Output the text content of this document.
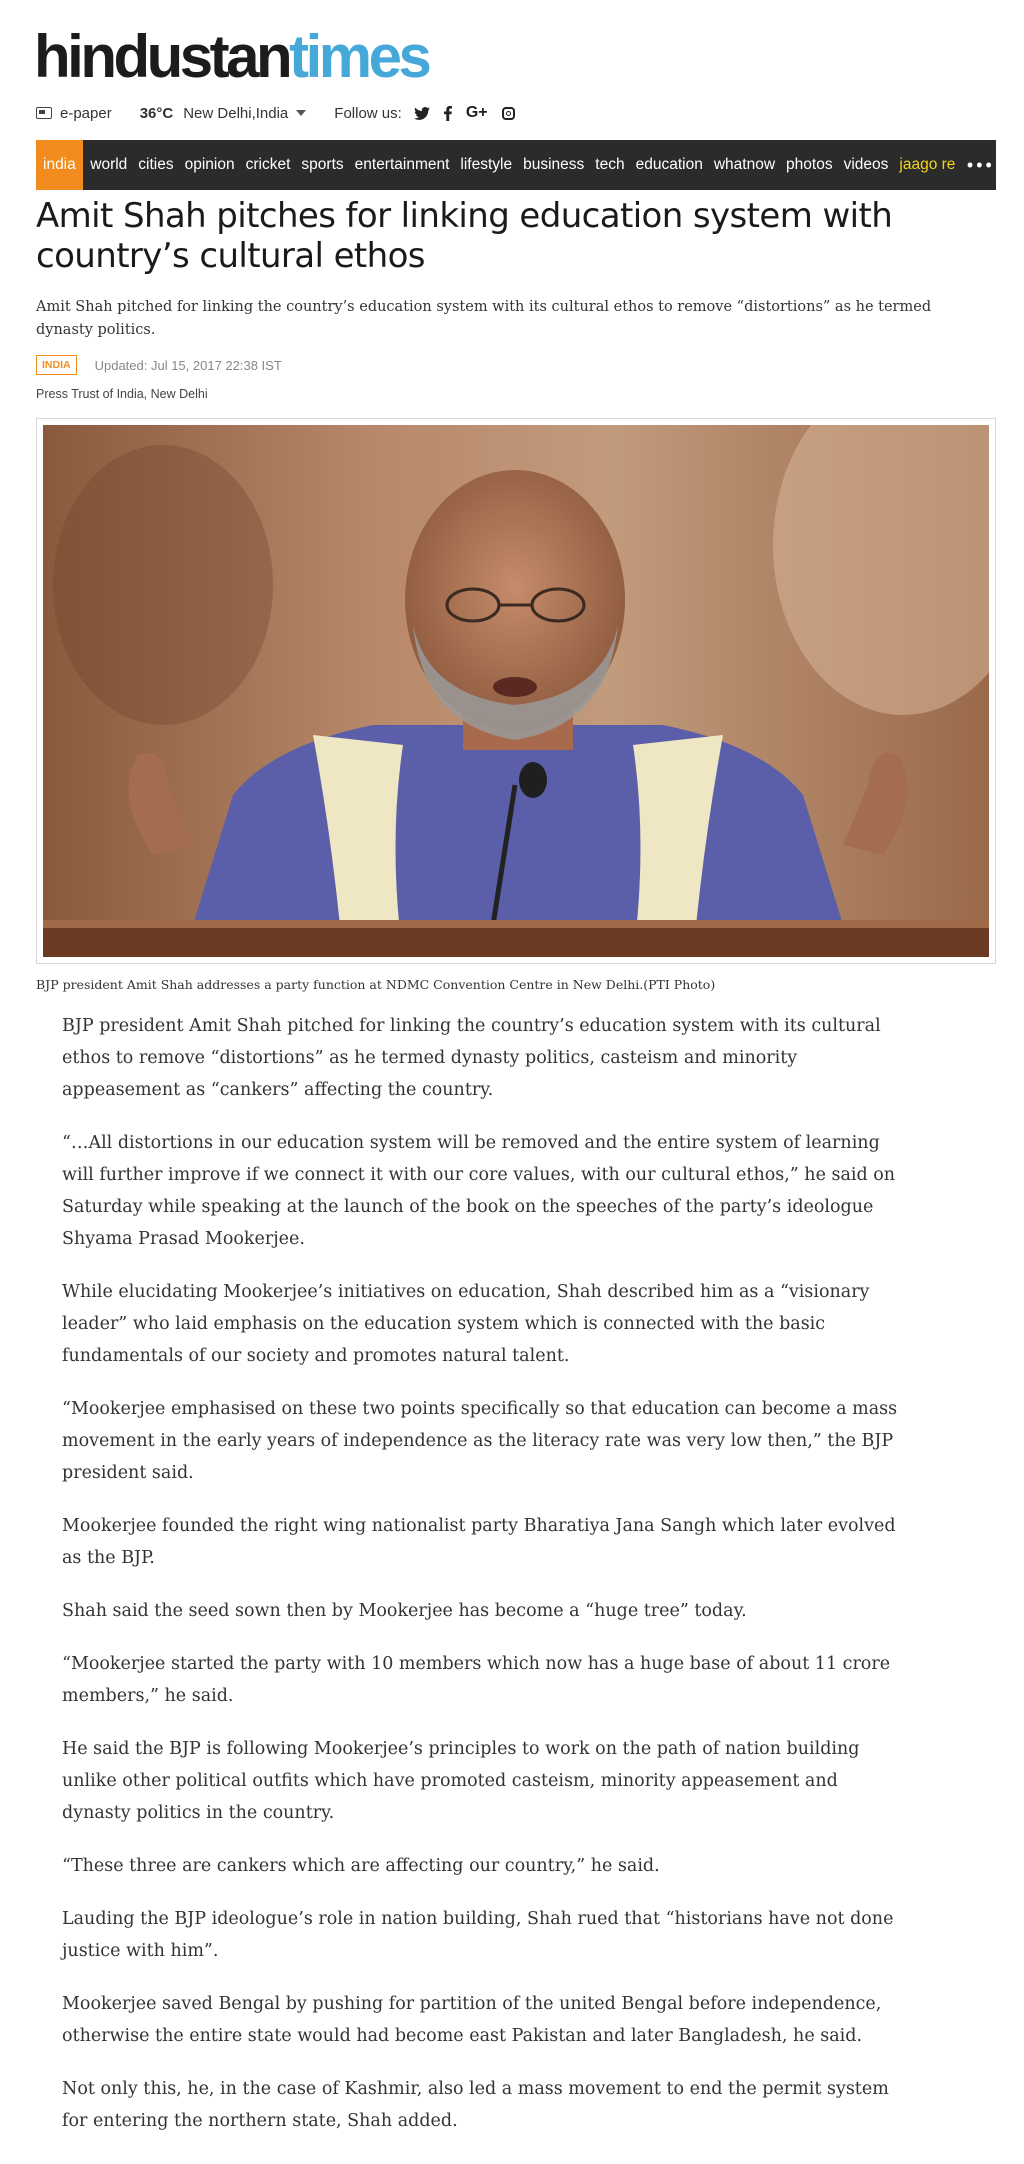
hindustantimes
e-paper 36°C New Delhi,India	Follow us:	G+
india world cities opinion cricket sports entertainment lifestyle business tech education whatnow photos videos jaago re •••
Amit Shah pitches for linking education system with country’s cultural ethos

Amit Shah pitched for linking the country’s education system with its cultural ethos to remove “distortions” as he termed dynasty politics.

INDIA	Updated: Jul 15, 2017 22:38 IST
Press Trust of India, New Delhi
BJP president Amit Shah addresses a party function at NDMC Convention Centre in New Delhi.(PTI Photo)

BJP president Amit Shah pitched for linking the country’s education system with its cultural ethos to remove “distortions” as he termed dynasty politics, casteism and minority appeasement as “cankers” affecting the country.

“…All distortions in our education system will be removed and the entire system of learning will further improve if we connect it with our core values, with our cultural ethos,” he said on Saturday while speaking at the launch of the book on the speeches of the party’s ideologue Shyama Prasad Mookerjee.

While elucidating Mookerjee’s initiatives on education, Shah described him as a “visionary leader” who laid emphasis on the education system which is connected with the basic fundamentals of our society and promotes natural talent.

“Mookerjee emphasised on these two points specifically so that education can become a mass movement in the early years of independence as the literacy rate was very low then,” the BJP president said.

Mookerjee founded the right wing nationalist party Bharatiya Jana Sangh which later evolved as the BJP.

Shah said the seed sown then by Mookerjee has become a “huge tree” today.

“Mookerjee started the party with 10 members which now has a huge base of about 11 crore members,” he said.

He said the BJP is following Mookerjee’s principles to work on the path of nation building unlike other political outfits which have promoted casteism, minority appeasement and dynasty politics in the country.

“These three are cankers which are affecting our country,” he said.

Lauding the BJP ideologue’s role in nation building, Shah rued that “historians have not done justice with him”.

Mookerjee saved Bengal by pushing for partition of the united Bengal before independence, otherwise the entire state would had become east Pakistan and later Bangladesh, he said.

Not only this, he, in the case of Kashmir, also led a mass movement to end the permit system for entering the northern state, Shah added.
